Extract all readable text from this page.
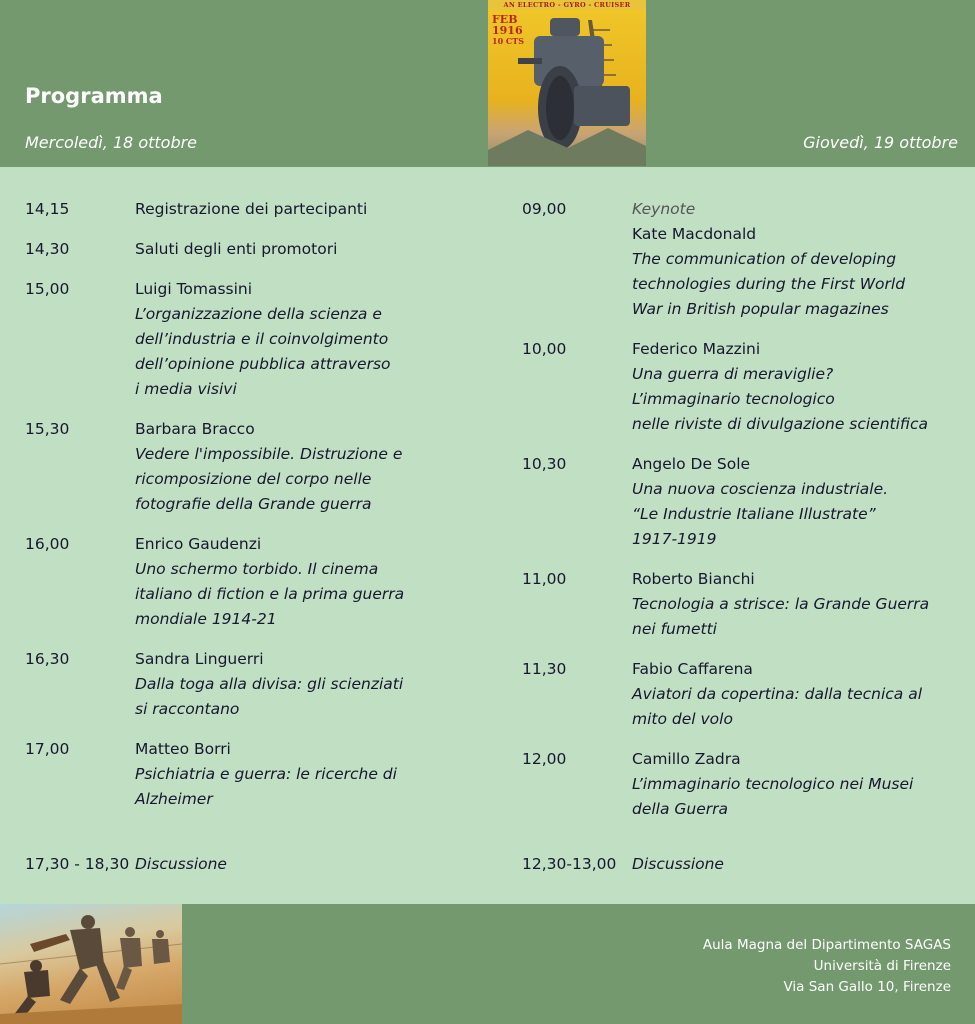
Programma
Mercoledì, 18 ottobre	Giovedì, 19 ottobre
AN ELECTRO - GYRO - CRUISER
FEB
1916
10 CTS
14,15	Registrazione dei partecipanti
14,30	Saluti degli enti promotori
15,00	Luigi Tomassini
L’organizzazione della scienza e
dell’industria e il coinvolgimento
dell’opinione pubblica attraverso
i media visivi
15,30	Barbara Bracco
Vedere l'impossibile. Distruzione e
ricomposizione del corpo nelle
fotografie della Grande guerra
16,00	Enrico Gaudenzi
Uno schermo torbido. Il cinema
italiano di fiction e la prima guerra
mondiale 1914-21
16,30	Sandra Linguerri
Dalla toga alla divisa: gli scienziati
si raccontano
17,00	Matteo Borri
Psichiatria e guerra: le ricerche di
Alzheimer
17,30 - 18,30 Discussione
09,00	Keynote
Kate Macdonald
The communication of developing
technologies during the First World
War in British popular magazines
10,00	Federico Mazzini
Una guerra di meraviglie?
L’immaginario tecnologico
nelle riviste di divulgazione scientifica
10,30	Angelo De Sole
Una nuova coscienza industriale.
“Le Industrie Italiane Illustrate”
1917-1919
11,00	Roberto Bianchi
Tecnologia a strisce: la Grande Guerra
nei fumetti
11,30	Fabio Caffarena
Aviatori da copertina: dalla tecnica al
mito del volo
12,00	Camillo Zadra
L’immaginario tecnologico nei Musei
della Guerra
12,30-13,00 Discussione
Aula Magna del Dipartimento SAGAS
Università di Firenze
Via San Gallo 10, Firenze
